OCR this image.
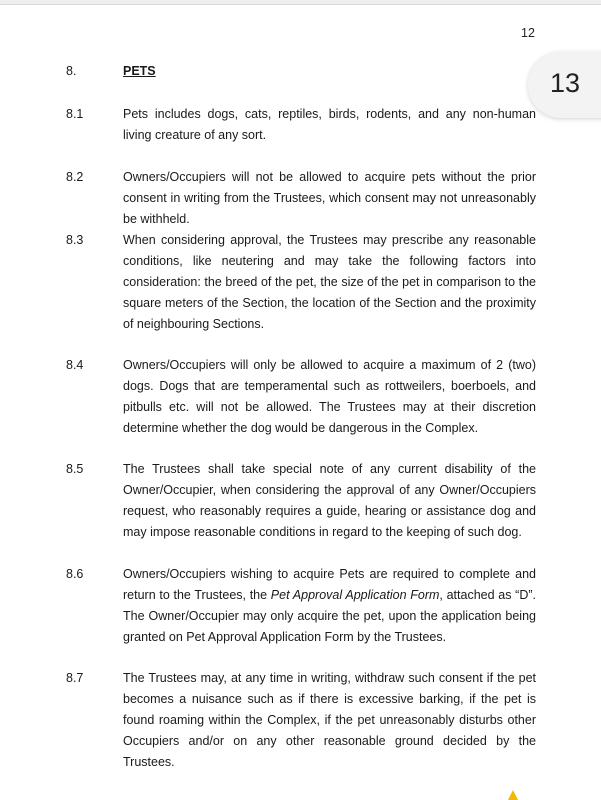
12
13
8.	PETS
8.1	Pets includes dogs, cats, reptiles, birds, rodents, and any non-human living creature of any sort.
8.2	Owners/Occupiers will not be allowed to acquire pets without the prior consent in writing from the Trustees, which consent may not unreasonably be withheld.
8.3	When considering approval, the Trustees may prescribe any reasonable conditions, like neutering and may take the following factors into consideration: the breed of the pet, the size of the pet in comparison to the square meters of the Section, the location of the Section and the proximity of neighbouring Sections.
8.4	Owners/Occupiers will only be allowed to acquire a maximum of 2 (two) dogs. Dogs that are temperamental such as rottweilers, boerboels, and pitbulls etc. will not be allowed. The Trustees may at their discretion determine whether the dog would be dangerous in the Complex.
8.5	The Trustees shall take special note of any current disability of the Owner/Occupier, when considering the approval of any Owner/Occupiers request, who reasonably requires a guide, hearing or assistance dog and may impose reasonable conditions in regard to the keeping of such dog.
8.6	Owners/Occupiers wishing to acquire Pets are required to complete and return to the Trustees, the Pet Approval Application Form, attached as “D”. The Owner/Occupier may only acquire the pet, upon the application being granted on Pet Approval Application Form by the Trustees.
8.7	The Trustees may, at any time in writing, withdraw such consent if the pet becomes a nuisance such as if there is excessive barking, if the pet is found roaming within the Complex, if the pet unreasonably disturbs other Occupiers and/or on any other reasonable ground decided by the Trustees.
